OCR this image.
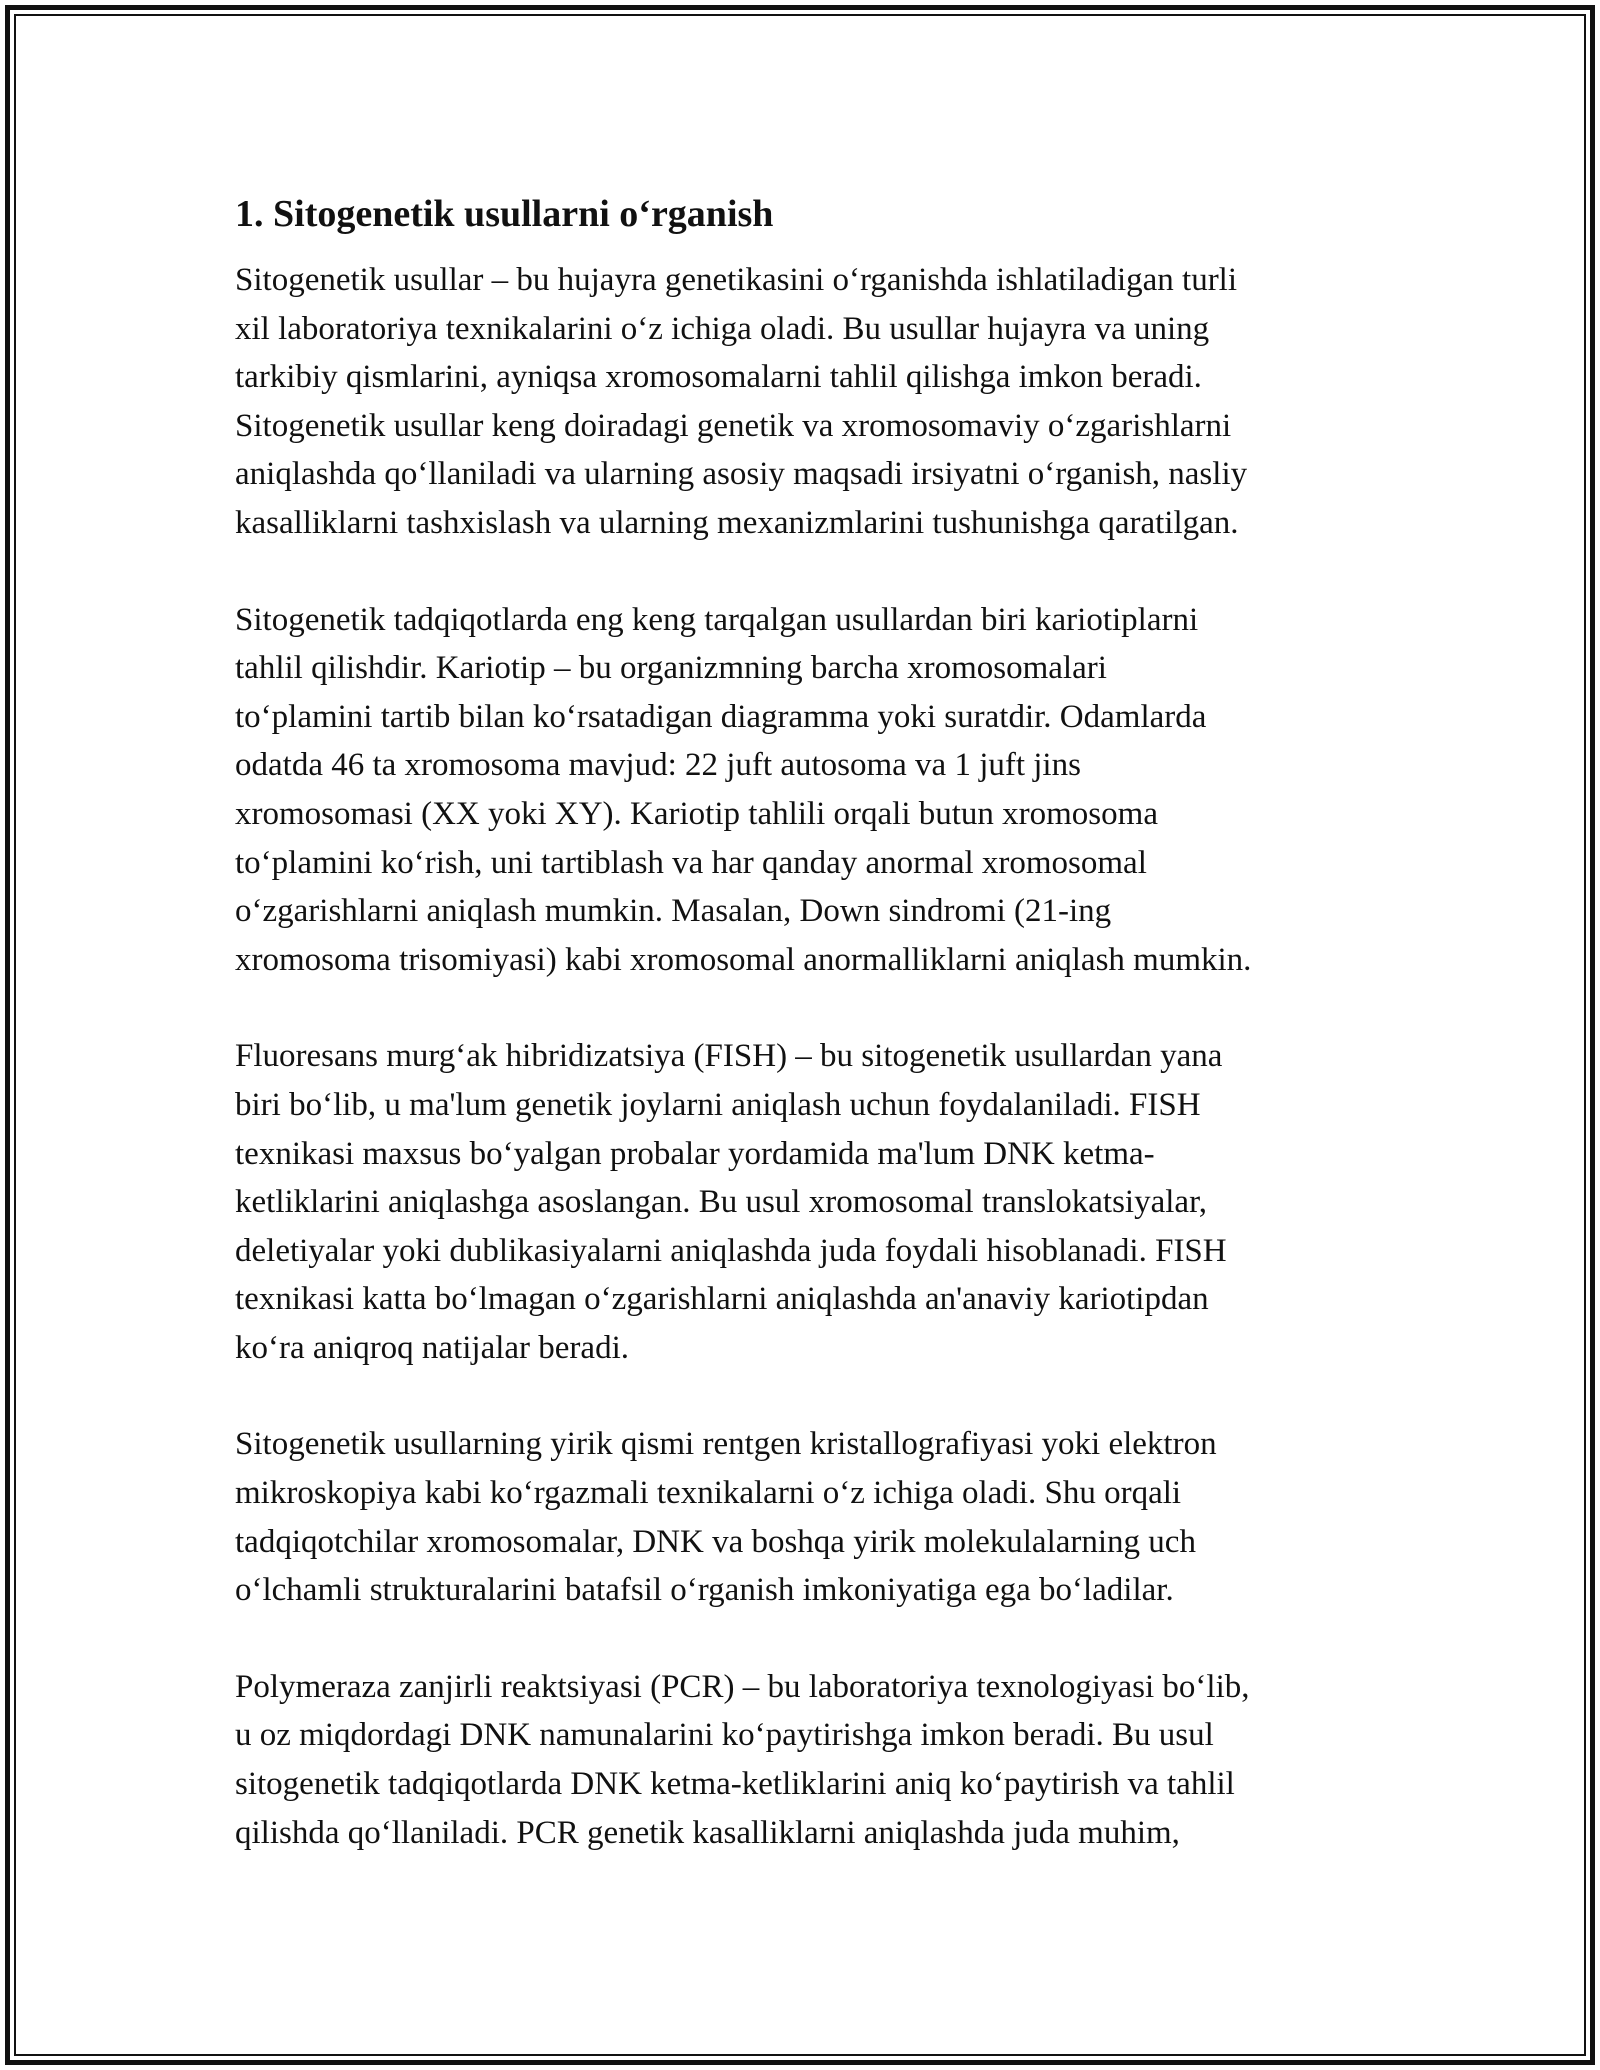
1. Sitogenetik usullarni o‘rganish
Sitogenetik usullar – bu hujayra genetikasini o‘rganishda ishlatiladigan turli
xil laboratoriya texnikalarini o‘z ichiga oladi. Bu usullar hujayra va uning
tarkibiy qismlarini, ayniqsa xromosomalarni tahlil qilishga imkon beradi.
Sitogenetik usullar keng doiradagi genetik va xromosomaviy o‘zgarishlarni
aniqlashda qo‘llaniladi va ularning asosiy maqsadi irsiyatni o‘rganish, nasliy
kasalliklarni tashxislash va ularning mexanizmlarini tushunishga qaratilgan.
Sitogenetik tadqiqotlarda eng keng tarqalgan usullardan biri kariotiplarni
tahlil qilishdir. Kariotip – bu organizmning barcha xromosomalari
to‘plamini tartib bilan ko‘rsatadigan diagramma yoki suratdir. Odamlarda
odatda 46 ta xromosoma mavjud: 22 juft autosoma va 1 juft jins
xromosomasi (XX yoki XY). Kariotip tahlili orqali butun xromosoma
to‘plamini ko‘rish, uni tartiblash va har qanday anormal xromosomal
o‘zgarishlarni aniqlash mumkin. Masalan, Down sindromi (21-ing
xromosoma trisomiyasi) kabi xromosomal anormalliklarni aniqlash mumkin.
Fluoresans murg‘ak hibridizatsiya (FISH) – bu sitogenetik usullardan yana
biri bo‘lib, u ma'lum genetik joylarni aniqlash uchun foydalaniladi. FISH
texnikasi maxsus bo‘yalgan probalar yordamida ma'lum DNK ketma-
ketliklarini aniqlashga asoslangan. Bu usul xromosomal translokatsiyalar,
deletiyalar yoki dublikasiyalarni aniqlashda juda foydali hisoblanadi. FISH
texnikasi katta bo‘lmagan o‘zgarishlarni aniqlashda an'anaviy kariotipdan
ko‘ra aniqroq natijalar beradi.
Sitogenetik usullarning yirik qismi rentgen kristallografiyasi yoki elektron
mikroskopiya kabi ko‘rgazmali texnikalarni o‘z ichiga oladi. Shu orqali
tadqiqotchilar xromosomalar, DNK va boshqa yirik molekulalarning uch
o‘lchamli strukturalarini batafsil o‘rganish imkoniyatiga ega bo‘ladilar.
Polymeraza zanjirli reaktsiyasi (PCR) – bu laboratoriya texnologiyasi bo‘lib,
u oz miqdordagi DNK namunalarini ko‘paytirishga imkon beradi. Bu usul
sitogenetik tadqiqotlarda DNK ketma-ketliklarini aniq ko‘paytirish va tahlil
qilishda qo‘llaniladi. PCR genetik kasalliklarni aniqlashda juda muhim,
